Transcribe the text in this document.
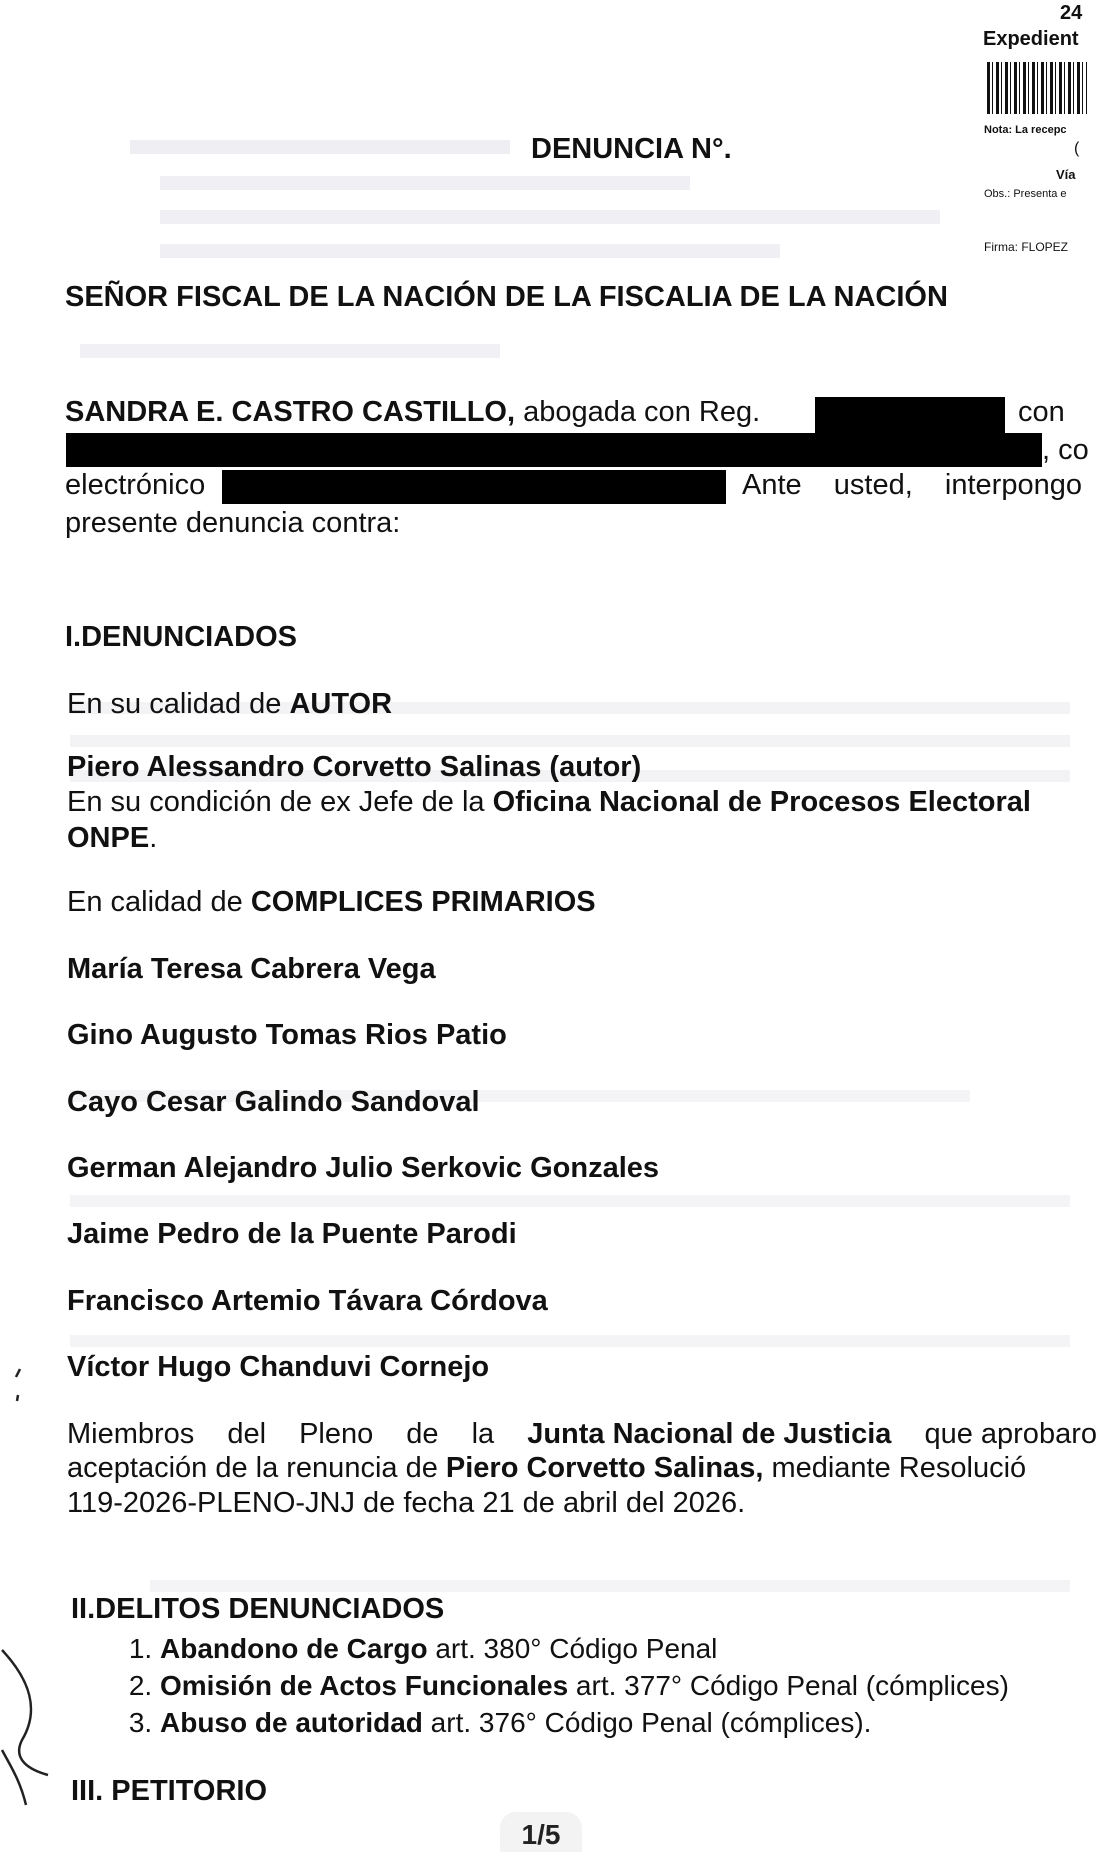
24
Expedient
Nota: La recepc
(
Vía
Obs.: Presenta e
Firma: FLOPEZ
DENUNCIA N°.
SEÑOR FISCAL DE LA NACIÓN DE LA FISCALIA DE LA NACIÓN
SANDRA E. CASTRO CASTILLO, abogada con Reg.	con
, co
electrónico	Ante usted, interpongo
presente denuncia contra:
I.DENUNCIADOS
En su calidad de AUTOR
Piero Alessandro Corvetto Salinas (autor)
En su condición de ex Jefe de la Oficina Nacional de Procesos Electoral
ONPE.
En calidad de COMPLICES PRIMARIOS
María Teresa Cabrera Vega
Gino Augusto Tomas Rios Patio
Cayo Cesar Galindo Sandoval
German Alejandro Julio Serkovic Gonzales
Jaime Pedro de la Puente Parodi
Francisco Artemio Távara Córdova
Víctor Hugo Chanduvi Cornejo
Miembros del Pleno de la Junta Nacional de Justicia que aprobaro
aceptación de la renuncia de Piero Corvetto Salinas, mediante Resolució
119-2026-PLENO-JNJ de fecha 21 de abril del 2026.
II.DELITOS DENUNCIADOS
1. Abandono de Cargo art. 380° Código Penal
2. Omisión de Actos Funcionales art. 377° Código Penal (cómplices)
3. Abuso de autoridad art. 376° Código Penal (cómplices).
III. PETITORIO
1/5
